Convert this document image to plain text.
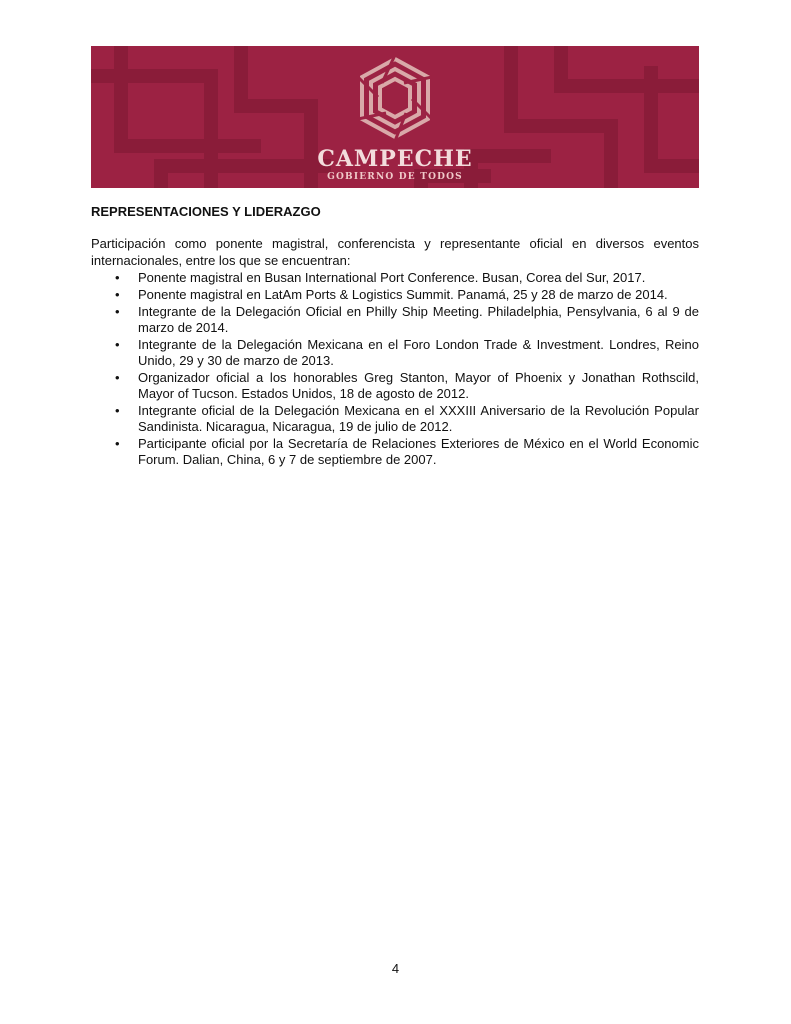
CAMPECHE
GOBIERNO DE TODOS
REPRESENTACIONES Y LIDERAZGO

Participación como ponente magistral, conferencista y representante oficial en diversos eventos internacionales, entre los que se encuentran:

• Ponente magistral en Busan International Port Conference. Busan, Corea del Sur, 2017.
• Ponente magistral en LatAm Ports & Logistics Summit. Panamá, 25 y 28 de marzo de 2014.
• Integrante de la Delegación Oficial en Philly Ship Meeting. Philadelphia, Pensylvania, 6 al 9 de marzo de 2014.
• Integrante de la Delegación Mexicana en el Foro London Trade & Investment. Londres, Reino Unido, 29 y 30 de marzo de 2013.
• Organizador oficial a los honorables Greg Stanton, Mayor of Phoenix y Jonathan Rothscild, Mayor of Tucson. Estados Unidos, 18 de agosto de 2012.
• Integrante oficial de la Delegación Mexicana en el XXXIII Aniversario de la Revolución Popular Sandinista. Nicaragua, Nicaragua, 19 de julio de 2012.
• Participante oficial por la Secretaría de Relaciones Exteriores de México en el World Economic Forum. Dalian, China, 6 y 7 de septiembre de 2007.
4
